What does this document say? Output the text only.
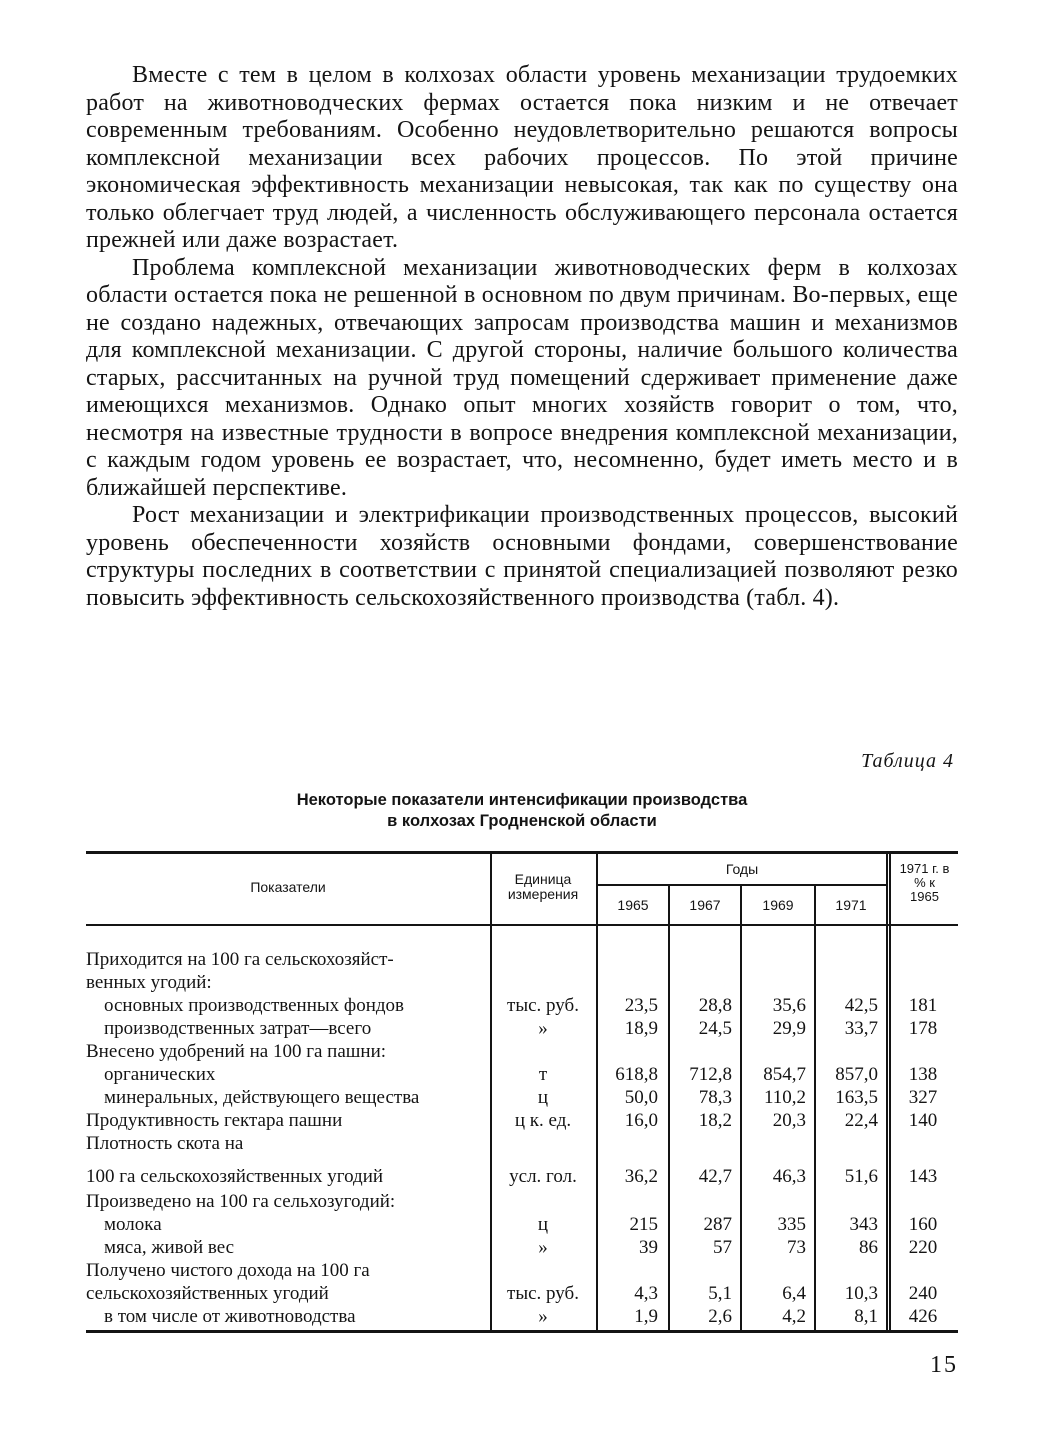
Вместе с тем в целом в колхозах области уровень механизации трудоемких работ на животноводческих фермах остается пока низким и не отвечает современным требованиям. Особенно неудовлетворительно решаются вопросы комплексной механизации всех рабочих процессов. По этой причине экономическая эффективность механизации невысокая, так как по существу она только облегчает труд людей, а численность обслуживающего персонала остается прежней или даже возрастает.

Проблема комплексной механизации животноводческих ферм в колхозах области остается пока не решенной в основном по двум причинам. Во-первых, еще не создано надежных, отвечающих запросам производства машин и механизмов для комплексной механизации. С другой стороны, наличие большого количества старых, рассчитанных на ручной труд помещений сдерживает применение даже имеющихся механизмов. Однако опыт многих хозяйств говорит о том, что, несмотря на известные трудности в вопросе внедрения комплексной механизации, с каждым годом уровень ее возрастает, что, несомненно, будет иметь место и в ближайшей перспективе.

Рост механизации и электрификации производственных процессов, высокий уровень обеспеченности хозяйств основными фондами, совершенствование структуры последних в соответствии с принятой специализацией позволяют резко повысить эффективность сельскохозяйственного производства (табл. 4).

Таблица 4
Некоторые показатели интенсификации производства
в колхозах Гродненской области
Показатели	Единица
измерения
Годы
1965	1967	1969	1971
1971 г. в
% к
1965
Приходится на 100 га сельскохозяйст-
венных угодий:
основных производственных фондов	тыс. руб.	23,5	28,8	35,6	42,5	181
производственных затрат—всего	»	18,9	24,5	29,9	33,7	178
Внесено удобрений на 100 га пашни:
органических	т	618,8	712,8	854,7	857,0	138
минеральных, действующего вещества	ц	50,0	78,3	110,2	163,5	327
Продуктивность гектара пашни	ц к. ед.	16,0	18,2	20,3	22,4	140
Плотность скота на
100 га сельскохозяйственных угодий	усл. гол.	36,2	42,7	46,3	51,6	143
Произведено на 100 га сельхозугодий:
молока	ц	215	287	335	343	160
мяса, живой вес	»	39	57	73	86	220
Получено чистого дохода на 100 га
сельскохозяйственных угодий	тыс. руб.	4,3	5,1	6,4	10,3	240
в том числе от животноводства	»	1,9	2,6	4,2	8,1	426
15
